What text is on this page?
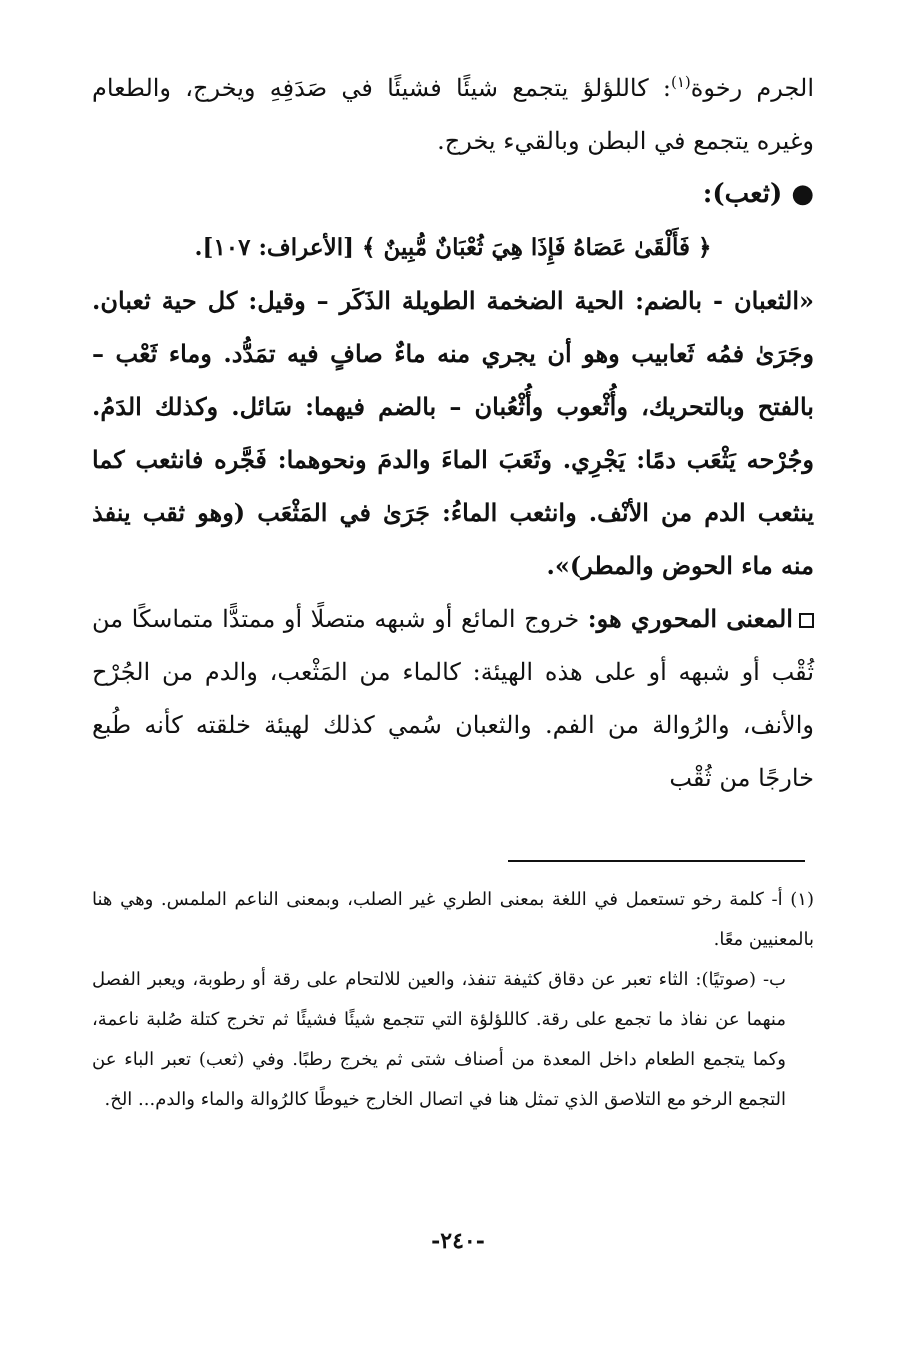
الجرم رخوة$^{(١)}$: كاللؤلؤ يتجمع شيئًا فشيئًا في صَدَفِهِ ويخرج، والطعام وغيره يتجمع في البطن وبالقيء يخرج.

● (ثعب):

﴿ فَأَلْقَىٰ عَصَاهُ فَإِذَا هِيَ ثُعْبَانٌ مُّبِينٌ ﴾ [الأعراف: ١٠٧].

«الثعبان - بالضم: الحية الضخمة الطويلة الذَكَر – وقيل: كل حية ثعبان. وجَرَىٰ فمُه ثَعابيب وهو أن يجري منه ماءٌ صافٍ فيه تمَدُّد. وماء ثَعْب – بالفتح وبالتحريك، وأُثْعوب وأُثْعُبان – بالضم فيهما: سَائل. وكذلك الدَمُ. وجُرْحه يَثْعَب دمًا: يَجْرِي. وثَعَبَ الماءَ والدمَ ونحوهما: فَجَّره فانثعب كما ينثعب الدم من الأنْف. وانثعب الماءُ: جَرَىٰ في المَثْعَب (وهو ثقب ينفذ منه ماء الحوض والمطر)».

المعنى المحوري هو: خروج المائع أو شبهه متصلًا أو ممتدًّا متماسكًا من ثُقْب أو شبهه أو على هذه الهيئة: كالماء من المَثْعب، والدم من الجُرْح والأنف، والرُوالة من الفم. والثعبان سُمي كذلك لهيئة خلقته كأنه طُبع خارجًا من ثُقْب

(١) أ- كلمة رخو تستعمل في اللغة بمعنى الطري غير الصلب، وبمعنى الناعم الملمس. وهي هنا بالمعنيين معًا.

ب- (صوتيًا): الثاء تعبر عن دقاق كثيفة تنفذ، والعين للالتحام على رقة أو رطوبة، ويعبر الفصل منهما عن نفاذ ما تجمع على رقة. كاللؤلؤة التي تتجمع شيئًا فشيئًا ثم تخرج كتلة صُلبة ناعمة، وكما يتجمع الطعام داخل المعدة من أصناف شتى ثم يخرج رطبًا. وفي (ثعب) تعبر الباء عن التجمع الرخو مع التلاصق الذي تمثل هنا في اتصال الخارج خيوطًا كالرُوالة والماء والدم... الخ.

-٢٤٠-
